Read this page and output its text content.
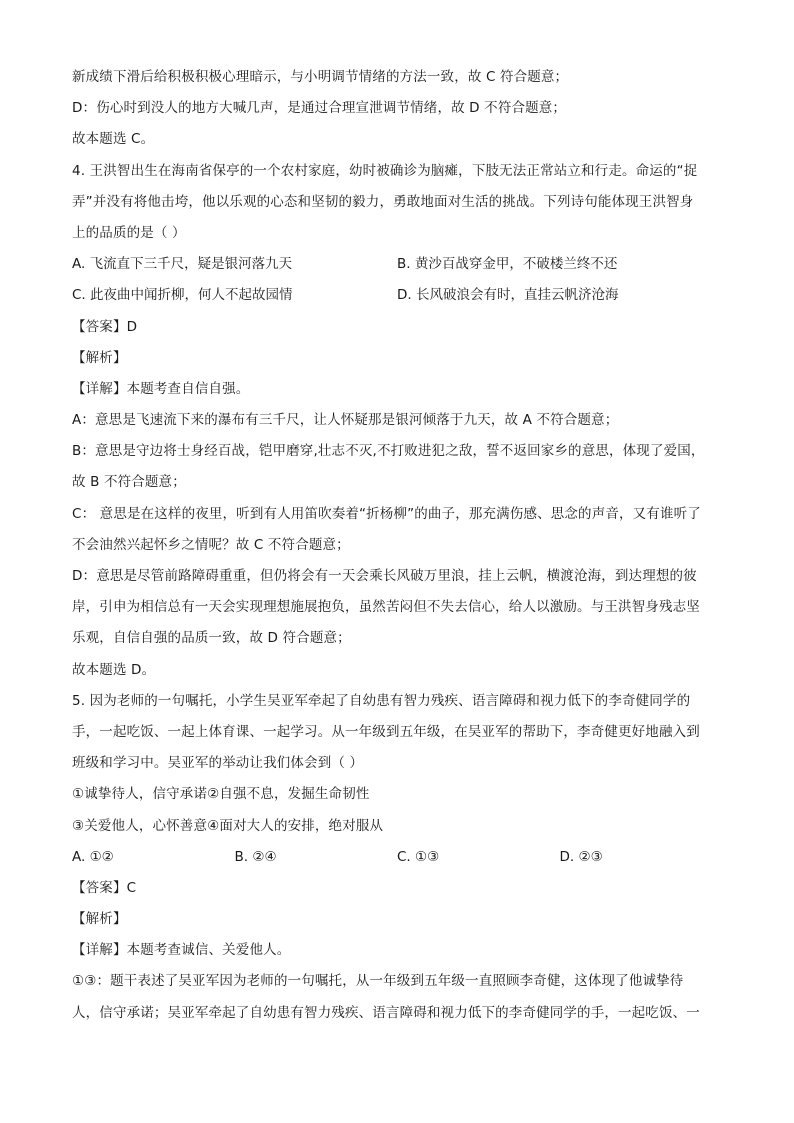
新成绩下滑后给积极积极心理暗示，与小明调节情绪的方法一致，故 C 符合题意；
D：伤心时到没人的地方大喊几声，是通过合理宣泄调节情绪，故 D 不符合题意；
故本题选 C。
4. 王洪智出生在海南省保亭的一个农村家庭，幼时被确诊为脑瘫，下肢无法正常站立和行走。命运的“捉
弄”并没有将他击垮，他以乐观的心态和坚韧的毅力，勇敢地面对生活的挑战。下列诗句能体现王洪智身
上的品质的是（ ）
A. 飞流直下三千尺，疑是银河落九天	B. 黄沙百战穿金甲，不破楼兰终不还
C. 此夜曲中闻折柳，何人不起故园情	D. 长风破浪会有时，直挂云帆济沧海
【答案】D
【解析】
【详解】本题考查自信自强。
A：意思是飞速流下来的瀑布有三千尺，让人怀疑那是银河倾落于九天，故 A 不符合题意；
B：意思是守边将士身经百战，铠甲磨穿,壮志不灭,不打败进犯之敌，誓不返回家乡的意思，体现了爱国，
故 B 不符合题意；
C： 意思是在这样的夜里，听到有人用笛吹奏着“折杨柳”的曲子，那充满伤感、思念的声音，又有谁听了
不会油然兴起怀乡之情呢？故 C 不符合题意；
D：意思是尽管前路障碍重重，但仍将会有一天会乘长风破万里浪，挂上云帆，横渡沧海，到达理想的彼
岸，引申为相信总有一天会实现理想施展抱负，虽然苦闷但不失去信心，给人以激励。与王洪智身残志坚
乐观，自信自强的品质一致，故 D 符合题意；
故本题选 D。
5. 因为老师的一句嘱托，小学生吴亚军牵起了自幼患有智力残疾、语言障碍和视力低下的李奇健同学的
手，一起吃饭、一起上体育课、一起学习。从一年级到五年级，在吴亚军的帮助下，李奇健更好地融入到
班级和学习中。吴亚军的举动让我们体会到（ ）
①诚挚待人，信守承诺②自强不息，发掘生命韧性
③关爱他人，心怀善意④面对大人的安排，绝对服从
A. ①②	B. ②④	C. ①③	D. ②③
【答案】C
【解析】
【详解】本题考查诚信、关爱他人。
①③：题干表述了吴亚军因为老师的一句嘱托，从一年级到五年级一直照顾李奇健，这体现了他诚挚待
人，信守承诺；吴亚军牵起了自幼患有智力残疾、语言障碍和视力低下的李奇健同学的手，一起吃饭、一
